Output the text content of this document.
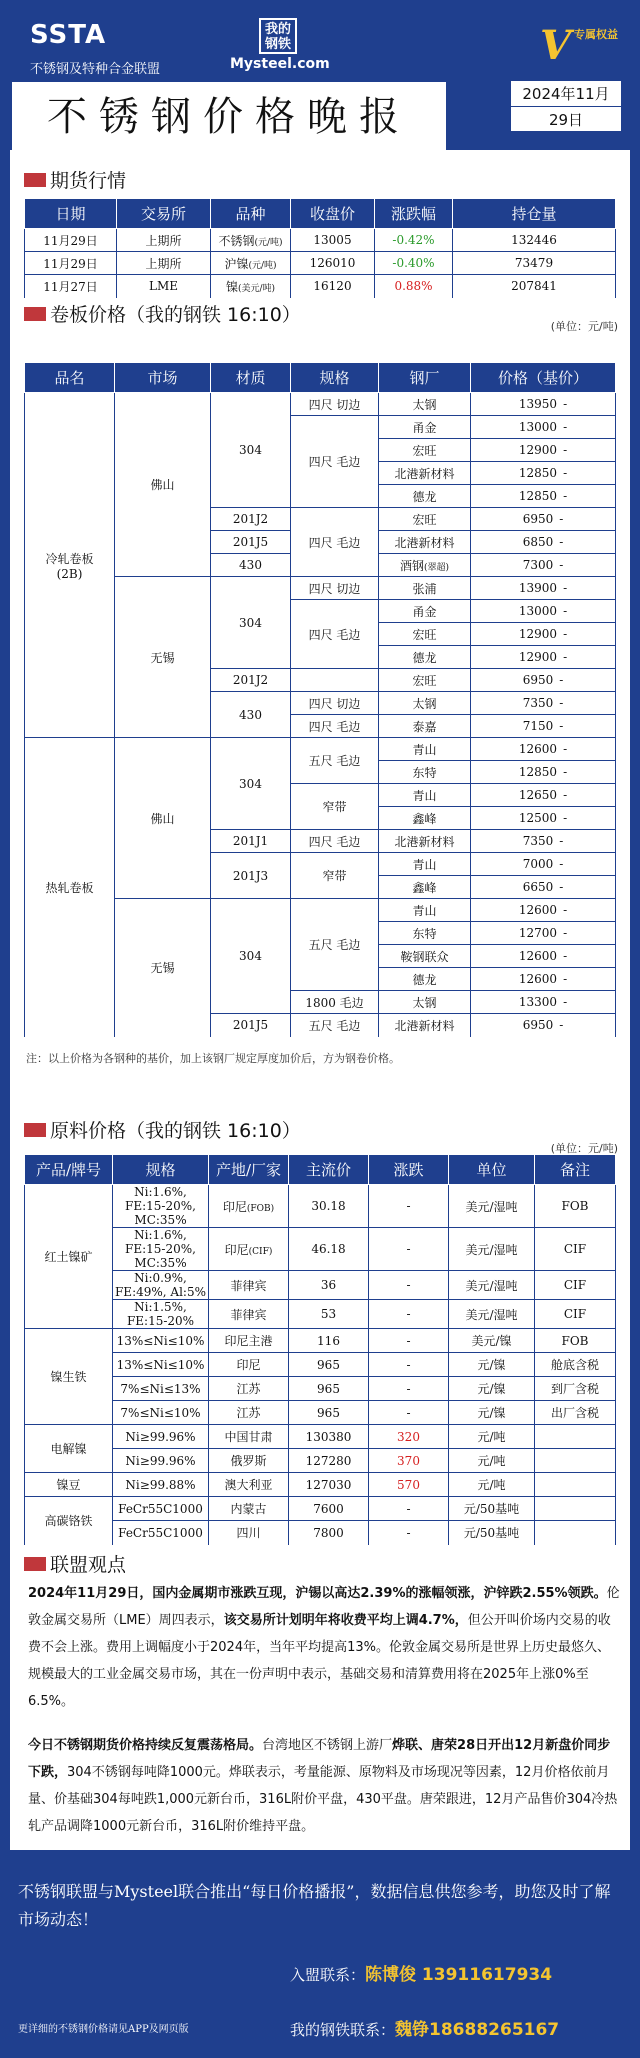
SSTA
不锈钢及特种合金联盟
我的钢铁
Mysteel.com	V 专属权益
不锈钢价格晚报	2024年11月
29日
期货行情
日期	交易所	品种	收盘价	涨跌幅	持仓量
11月29日	上期所	不锈钢(元/吨)	13005	-0.42%	132446
11月29日	上期所	沪镍(元/吨)	126010	-0.40%	73479
11月27日	LME	镍(美元/吨)	16120	0.88%	207841
卷板价格（我的钢铁 16:10）
(单位：元/吨)
品名	市场	材质	规格	钢厂	价格（基价）

冷轧卷板
(2B)	佛山	304	四尺 切边	太钢	13950 -
			四尺 毛边	甬金	13000 -
				宏旺	12900 -
				北港新材料	12850 -
				德龙	12850 -
		201J2	四尺 毛边	宏旺	6950 -
		201J5		北港新材料	6850 -
		430		酒钢(翠超)	7300 -
	无锡	304	四尺 切边	张浦	13900 -
			四尺 毛边	甬金	13000 -
				宏旺	12900 -
				德龙	12900 -
		201J2		宏旺	6950 -
		430	四尺 切边	太钢	7350 -
			四尺 毛边	泰嘉	7150 -

热轧卷板	佛山	304	五尺 毛边	青山	12600 -
				东特	12850 -
			窄带	青山	12650 -
				鑫峰	12500 -
		201J1	四尺 毛边	北港新材料	7350 -
		201J3	窄带	青山	7000 -
				鑫峰	6650 -
	无锡	304	五尺 毛边	青山	12600 -
				东特	12700 -
				鞍钢联众	12600 -
				德龙	12600 -
			1800 毛边	太钢	13300 -
		201J5	五尺 毛边	北港新材料	6950 -
注：以上价格为各钢种的基价，加上该钢厂规定厚度加价后，方为钢卷价格。
原料价格（我的钢铁 16:10）
(单位：元/吨)
产品/牌号	规格	产地/厂家	主流价	涨跌	单位	备注
红土镍矿	Ni:1.6%, FE:15-20%, MC:35%	印尼(FOB)	30.18	-	美元/湿吨	FOB
	Ni:1.6%, FE:15-20%, MC:35%	印尼(CIF)	46.18	-	美元/湿吨	CIF
	Ni:0.9%, FE:49%, Al:5%	菲律宾	36	-	美元/湿吨	CIF
	Ni:1.5%, FE:15-20%	菲律宾	53	-	美元/湿吨	CIF
镍生铁	13%≤Ni≤10%	印尼主港	116	-	美元/镍	FOB
	13%≤Ni≤10%	印尼	965	-	元/镍	舱底含税
	7%≤Ni≤13%	江苏	965	-	元/镍	到厂含税
	7%≤Ni≤10%	江苏	965	-	元/镍	出厂含税
电解镍	Ni≥99.96%	中国甘肃	130380	320	元/吨	
	Ni≥99.96%	俄罗斯	127280	370	元/吨	
镍豆	Ni≥99.88%	澳大利亚	127030	570	元/吨	
高碳铬铁	FeCr55C1000	内蒙古	7600	-	元/50基吨	
	FeCr55C1000	四川	7800	-	元/50基吨	
联盟观点
2024年11月29日，国内金属期市涨跌互现，沪锡以高达2.39%的涨幅领涨，沪锌跌2.55%领跌。伦敦金属交易所（LME）周四表示，该交易所计划明年将收费平均上调4.7%，但公开叫价场内交易的收费不会上涨。费用上调幅度小于2024年，当年平均提高13%。伦敦金属交易所是世界上历史最悠久、规模最大的工业金属交易市场，其在一份声明中表示，基础交易和清算费用将在2025年上涨0%至6.5%。
今日不锈钢期货价格持续反复震荡格局。台湾地区不锈钢上游厂烨联、唐荣28日开出12月新盘价同步下跌，304不锈钢每吨降1000元。烨联表示，考量能源、原物料及市场现况等因素，12月价格依前月量、价基础304每吨跌1,000元新台币，316L附价平盘，430平盘。唐荣跟进，12月产品售价304冷热轧产品调降1000元新台币，316L附价维持平盘。
不锈钢联盟与Mysteel联合推出“每日价格播报”，数据信息供您参考，助您及时了解市场动态！
入盟联系：陈博俊 13911617934
更详细的不锈钢价格请见APP及网页版	我的钢铁联系：魏铮18688265167
